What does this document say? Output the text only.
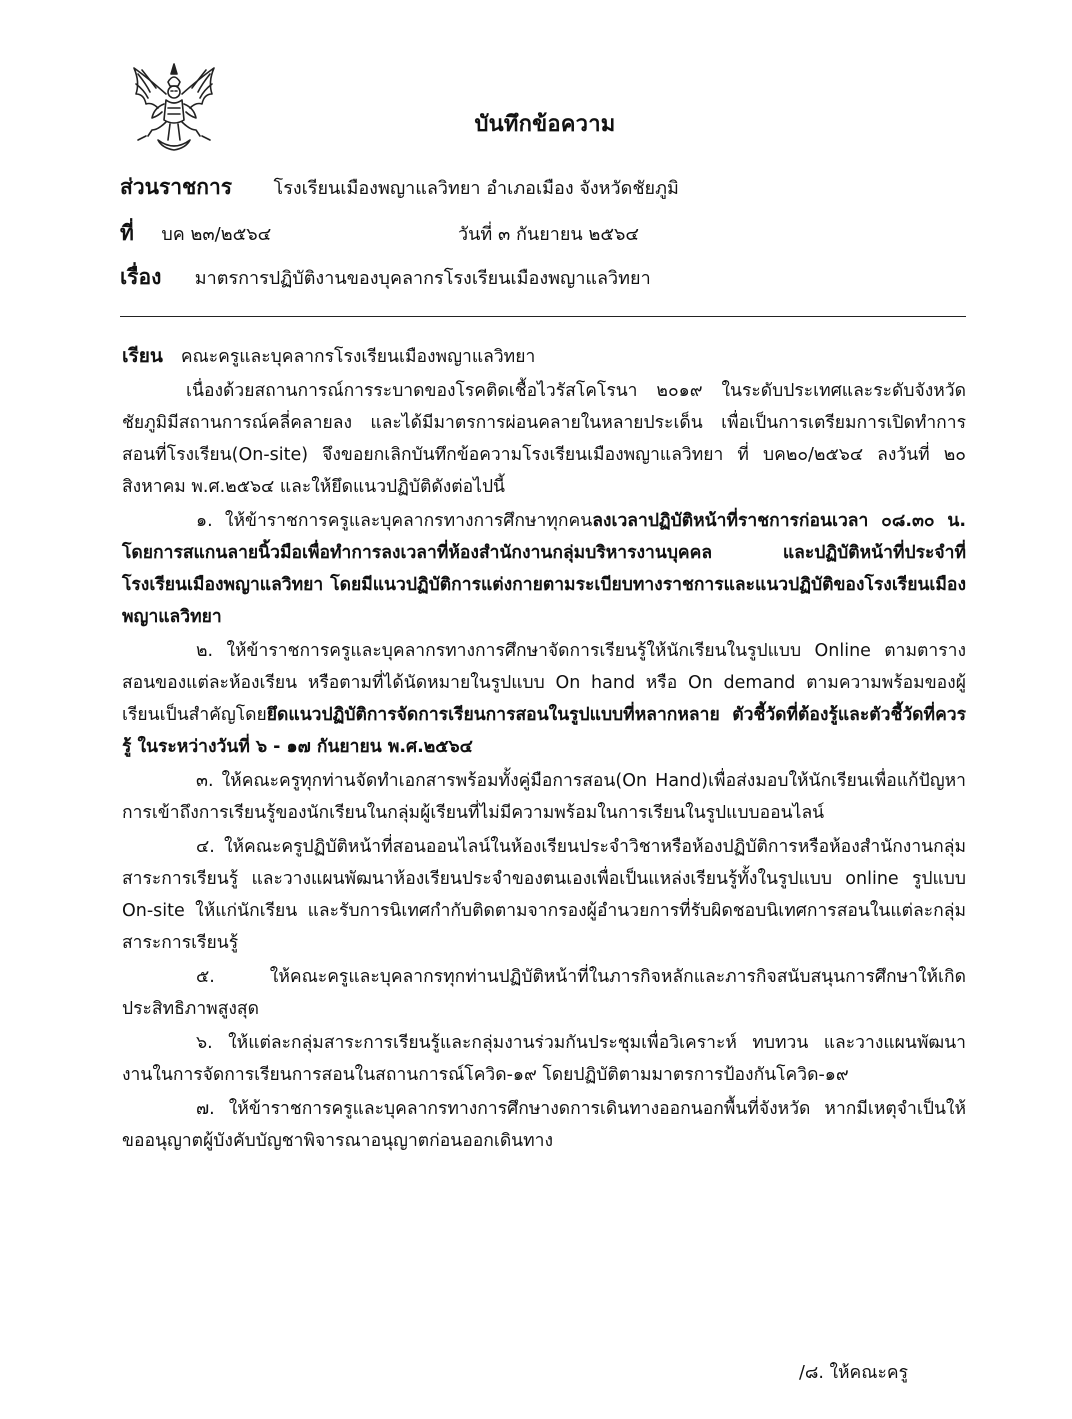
บันทึกข้อความ
ส่วนราชการ โรงเรียนเมืองพญาแลวิทยา อำเภอเมือง จังหวัดชัยภูมิ
ที่ บค ๒๓/๒๕๖๔	วันที่ ๓ กันยายน ๒๕๖๔
เรื่อง มาตรการปฏิบัติงานของบุคลากรโรงเรียนเมืองพญาแลวิทยา

เรียน คณะครูและบุคลากรโรงเรียนเมืองพญาแลวิทยา

เนื่องด้วยสถานการณ์การระบาดของโรคติดเชื้อไวรัสโคโรนา ๒๐๑๙ ในระดับประเทศและระดับจังหวัดชัยภูมิมีสถานการณ์คลี่คลายลง และได้มีมาตรการผ่อนคลายในหลายประเด็น เพื่อเป็นการเตรียมการเปิดทำการสอนที่โรงเรียน(On-site) จึงขอยกเลิกบันทึกข้อความโรงเรียนเมืองพญาแลวิทยา ที่ บค๒๐/๒๕๖๔ ลงวันที่ ๒๐ สิงหาคม พ.ศ.๒๕๖๔ และให้ยึดแนวปฏิบัติดังต่อไปนี้

๑. ให้ข้าราชการครูและบุคลากรทางการศึกษาทุกคนลงเวลาปฏิบัติหน้าที่ราชการก่อนเวลา ๐๘.๓๐ น. โดยการสแกนลายนิ้วมือเพื่อทำการลงเวลาที่ห้องสำนักงานกลุ่มบริหารงานบุคคล และปฏิบัติหน้าที่ประจำที่โรงเรียนเมืองพญาแลวิทยา โดยมีแนวปฏิบัติการแต่งกายตามระเบียบทางราชการและแนวปฏิบัติของโรงเรียนเมืองพญาแลวิทยา

๒. ให้ข้าราชการครูและบุคลากรทางการศึกษาจัดการเรียนรู้ให้นักเรียนในรูปแบบ Online ตามตารางสอนของแต่ละห้องเรียน หรือตามที่ได้นัดหมายในรูปแบบ On hand หรือ On demand ตามความพร้อมของผู้เรียนเป็นสำคัญโดยยึดแนวปฏิบัติการจัดการเรียนการสอนในรูปแบบที่หลากหลาย ตัวชี้วัดที่ต้องรู้และตัวชี้วัดที่ควรรู้ ในระหว่างวันที่ ๖ - ๑๗ กันยายน พ.ศ.๒๕๖๔

๓. ให้คณะครูทุกท่านจัดทำเอกสารพร้อมทั้งคู่มือการสอน(On Hand)เพื่อส่งมอบให้นักเรียนเพื่อแก้ปัญหาการเข้าถึงการเรียนรู้ของนักเรียนในกลุ่มผู้เรียนที่ไม่มีความพร้อมในการเรียนในรูปแบบออนไลน์

๔. ให้คณะครูปฏิบัติหน้าที่สอนออนไลน์ในห้องเรียนประจำวิชาหรือห้องปฏิบัติการหรือห้องสำนักงานกลุ่มสาระการเรียนรู้ และวางแผนพัฒนาห้องเรียนประจำของตนเองเพื่อเป็นแหล่งเรียนรู้ทั้งในรูปแบบ online รูปแบบ On-site ให้แก่นักเรียน และรับการนิเทศกำกับติดตามจากรองผู้อำนวยการที่รับผิดชอบนิเทศการสอนในแต่ละกลุ่มสาระการเรียนรู้

๕. ให้คณะครูและบุคลากรทุกท่านปฏิบัติหน้าที่ในภารกิจหลักและภารกิจสนับสนุนการศึกษาให้เกิดประสิทธิภาพสูงสุด

๖. ให้แต่ละกลุ่มสาระการเรียนรู้และกลุ่มงานร่วมกันประชุมเพื่อวิเคราะห์ ทบทวน และวางแผนพัฒนางานในการจัดการเรียนการสอนในสถานการณ์โควิด-๑๙ โดยปฏิบัติตามมาตรการป้องกันโควิด-๑๙

๗. ให้ข้าราชการครูและบุคลากรทางการศึกษางดการเดินทางออกนอกพื้นที่จังหวัด หากมีเหตุจำเป็นให้ขออนุญาตผู้บังคับบัญชาพิจารณาอนุญาตก่อนออกเดินทาง

/๘. ให้คณะครู
